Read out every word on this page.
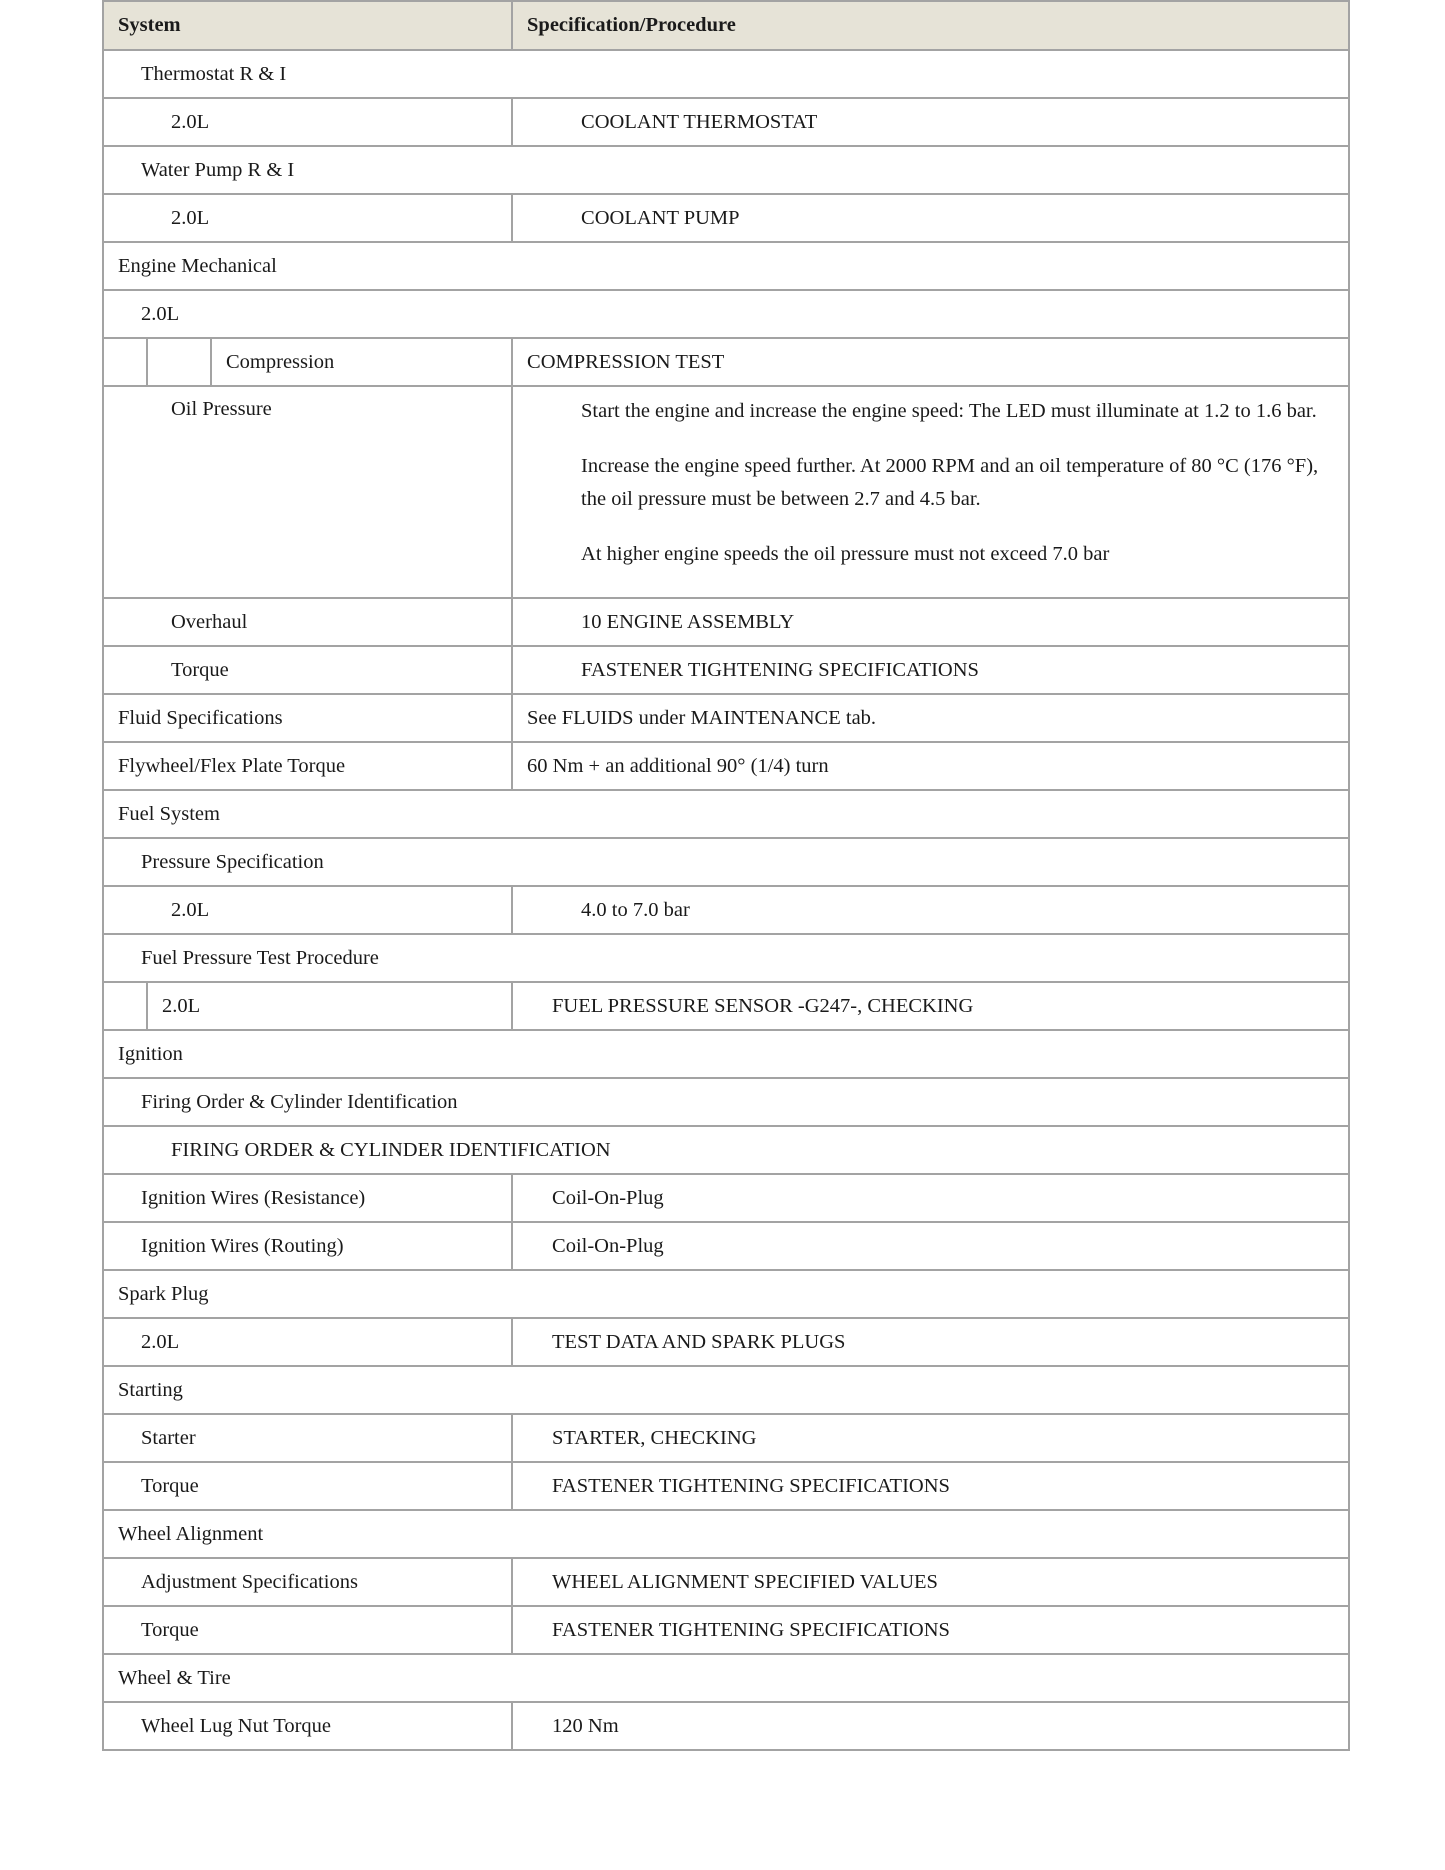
System			Specification/Procedure
Thermostat R & I			
2.0L			COOLANT THERMOSTAT
Water Pump R & I			
2.0L			COOLANT PUMP
Engine Mechanical			
2.0L			
		Compression	COMPRESSION TEST
Oil Pressure			Start the engine and increase the engine speed: The LED must illuminate at 1.2 to 1.6 bar.

Increase the engine speed further. At 2000 RPM and an oil temperature of 80 °C (176 °F), the oil pressure must be between 2.7 and 4.5 bar.

At higher engine speeds the oil pressure must not exceed 7.0 bar

Overhaul			10 ENGINE ASSEMBLY
Torque			FASTENER TIGHTENING SPECIFICATIONS
Fluid Specifications			See FLUIDS under MAINTENANCE tab.
Flywheel/Flex Plate Torque			60 Nm + an additional 90° (1/4) turn
Fuel System			
Pressure Specification			
2.0L			4.0 to 7.0 bar
Fuel Pressure Test Procedure			
	2.0L		FUEL PRESSURE SENSOR -G247-, CHECKING
Ignition			
Firing Order & Cylinder Identification			
FIRING ORDER & CYLINDER IDENTIFICATION			
Ignition Wires (Resistance)			Coil-On-Plug
Ignition Wires (Routing)			Coil-On-Plug
Spark Plug			
2.0L			TEST DATA AND SPARK PLUGS
Starting			
Starter			STARTER, CHECKING
Torque			FASTENER TIGHTENING SPECIFICATIONS
Wheel Alignment			
Adjustment Specifications			WHEEL ALIGNMENT SPECIFIED VALUES
Torque			FASTENER TIGHTENING SPECIFICATIONS
Wheel & Tire			
Wheel Lug Nut Torque			120 Nm
